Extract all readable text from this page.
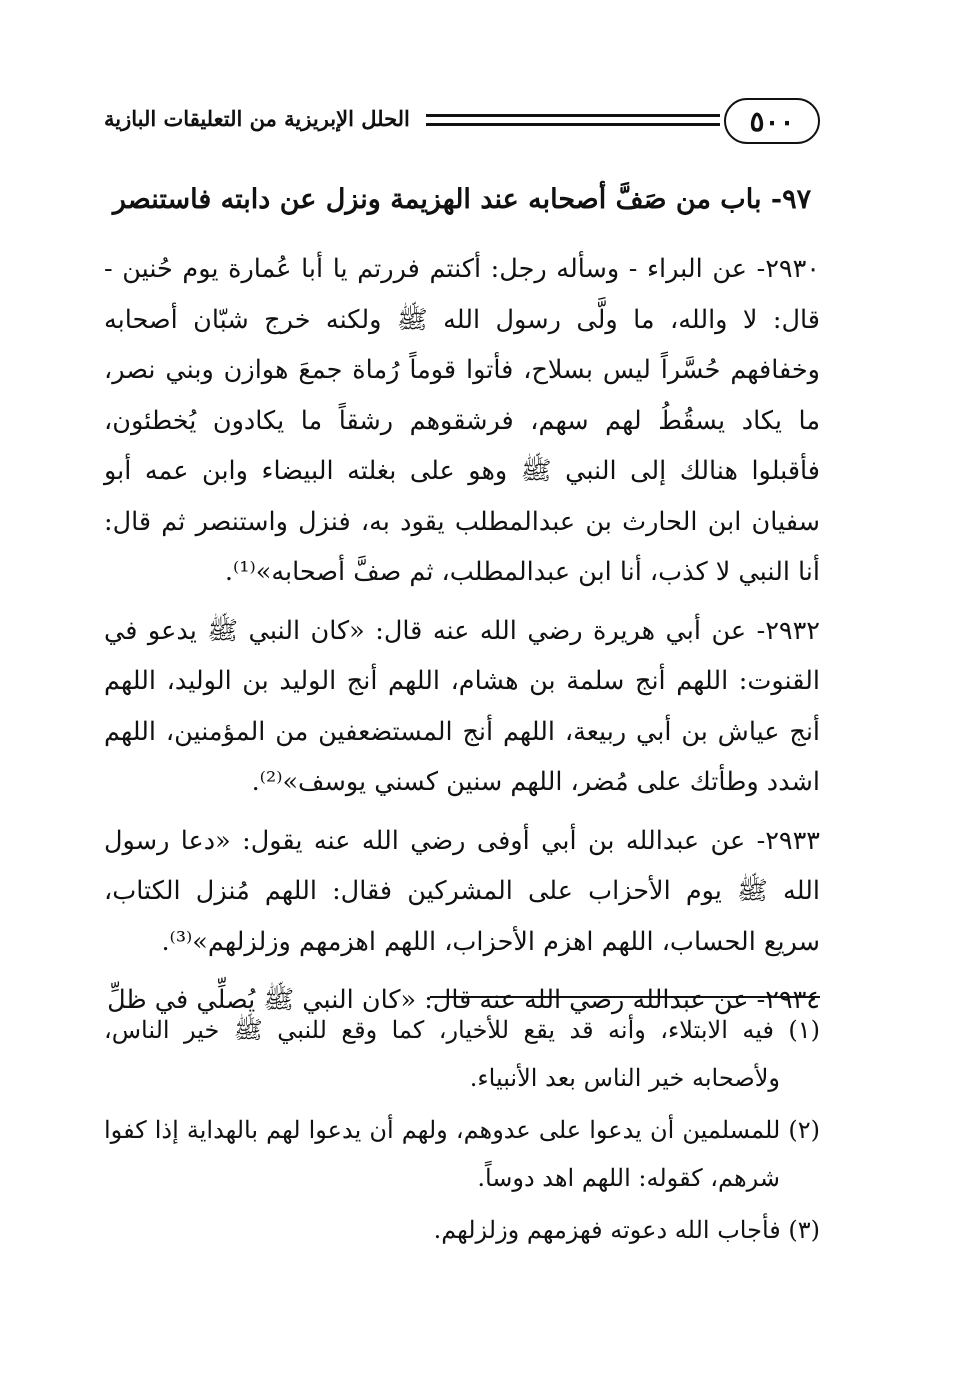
٥٠٠
الحلل الإبريزية من التعليقات البازية
٩٧- باب من صَفَّ أصحابه عند الهزيمة ونزل عن دابته فاستنصر

٢٩٣٠- عن البراء - وسأله رجل: أكنتم فررتم يا أبا عُمارة يوم حُنين - قال: لا والله، ما ولَّى رسول الله ﷺ ولكنه خرج شبّان أصحابه وخفافهم حُسَّراً ليس بسلاح، فأتوا قوماً رُماة جمعَ هوازن وبني نصر، ما يكاد يسقُطُ لهم سهم، فرشقوهم رشقاً ما يكادون يُخطئون، فأقبلوا هنالك إلى النبي ﷺ وهو على بغلته البيضاء وابن عمه أبو سفيان ابن الحارث بن عبدالمطلب يقود به، فنزل واستنصر ثم قال: أنا النبي لا كذب، أنا ابن عبدالمطلب، ثم صفَّ أصحابه»⁽¹⁾.

٢٩٣٢- عن أبي هريرة رضي الله عنه قال: «كان النبي ﷺ يدعو في القنوت: اللهم أنج سلمة بن هشام، اللهم أنج الوليد بن الوليد، اللهم أنج عياش بن أبي ربيعة، اللهم أنج المستضعفين من المؤمنين، اللهم اشدد وطأتك على مُضر، اللهم سنين كسني يوسف»⁽²⁾.

٢٩٣٣- عن عبدالله بن أبي أوفى رضي الله عنه يقول: «دعا رسول الله ﷺ يوم الأحزاب على المشركين فقال: اللهم مُنزل الكتاب، سريع الحساب، اللهم اهزم الأحزاب، اللهم اهزمهم وزلزلهم»⁽³⁾.

٢٩٣٤- عن عبدالله رضي الله عنه قال: «كان النبي ﷺ يُصلِّي في ظلِّ

(١) فيه الابتلاء، وأنه قد يقع للأخيار، كما وقع للنبي ﷺ خير الناس، ولأصحابه خير الناس بعد الأنبياء.

(٢) للمسلمين أن يدعوا على عدوهم، ولهم أن يدعوا لهم بالهداية إذا كفوا شرهم، كقوله: اللهم اهد دوساً.

(٣) فأجاب الله دعوته فهزمهم وزلزلهم.
